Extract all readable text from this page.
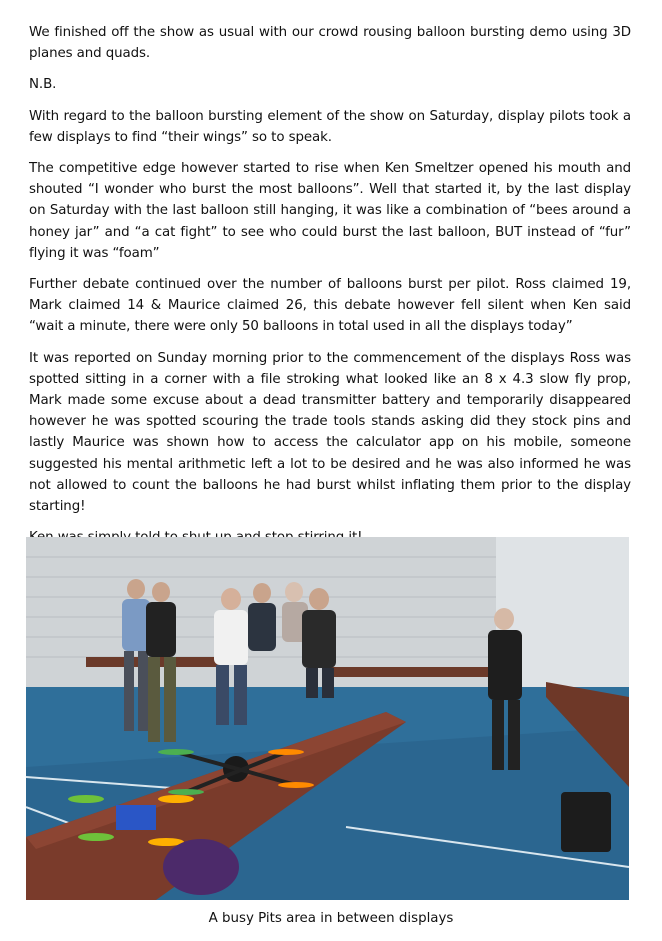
We finished off the show as usual with our crowd rousing balloon bursting demo using 3D planes and quads.

N.B.

With regard to the balloon bursting element of the show on Saturday, display pilots took a few displays to find “their wings” so to speak.

The competitive edge however started to rise when Ken Smeltzer opened his mouth and shouted “I wonder who burst the most balloons”. Well that started it, by the last display on Saturday with the last balloon still hanging, it was like a combination of “bees around a honey jar” and “a cat fight” to see who could burst the last balloon, BUT instead of “fur” flying it was “foam”

Further debate continued over the number of balloons burst per pilot. Ross claimed 19, Mark claimed 14 & Maurice claimed 26, this debate however fell silent when Ken said “wait a minute, there were only 50 balloons in total used in all the displays today”

It was reported on Sunday morning prior to the commencement of the displays Ross was spotted sitting in a corner with a file stroking what looked like an 8 x 4.3 slow fly prop, Mark made some excuse about a dead transmitter battery and temporarily disappeared however he was spotted scouring the trade tools stands asking did they stock pins and lastly Maurice was shown how to access the calculator app on his mobile, someone suggested his mental arithmetic left a lot to be desired and he was also informed he was not allowed to count the balloons he had burst whilst inflating them prior to the display starting!

A busy Pits area in between displays
